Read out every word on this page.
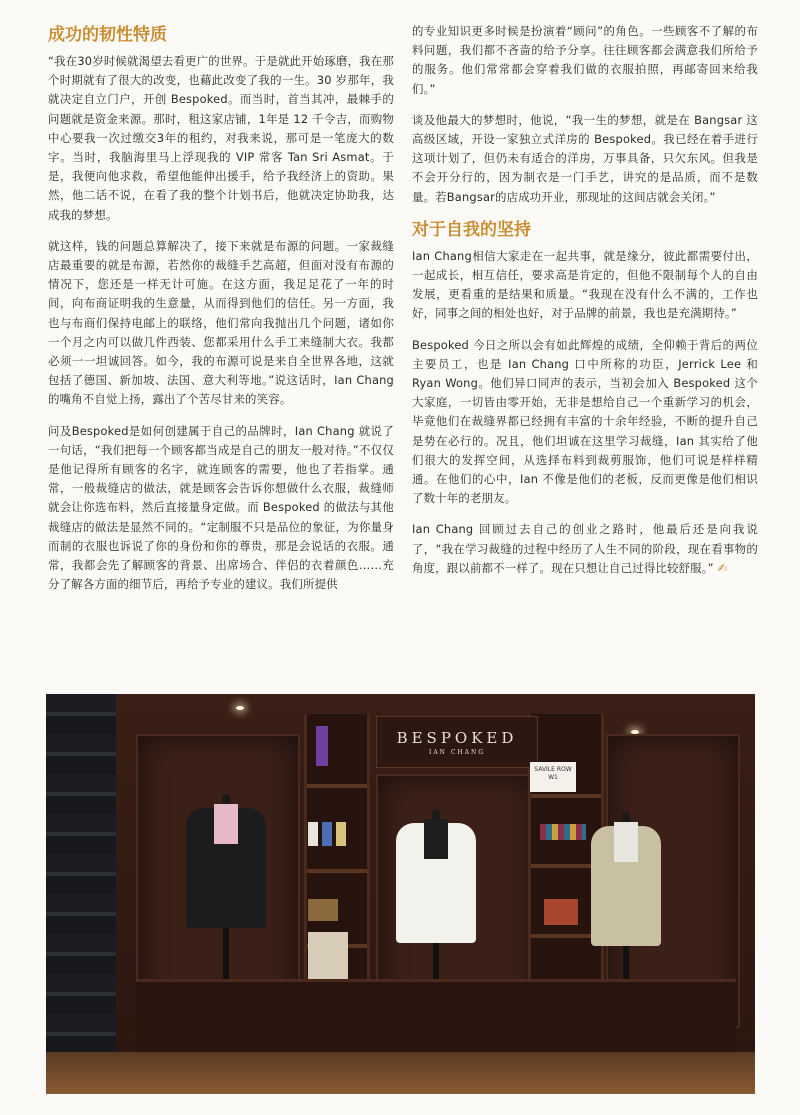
成功的韧性特质

“我在30岁时候就渴望去看更广的世界。于是就此开始琢磨，我在那个时期就有了很大的改变，也藉此改变了我的一生。30 岁那年，我就决定自立门户，开创 Bespoked。而当时，首当其冲，最棘手的问题就是资金来源。那时，租这家店铺，1年是 12 千令吉，而购物中心要我一次过缴交3年的租约，对我来说，那可是一笔庞大的数字。当时，我脑海里马上浮现我的 VIP 常客 Tan Sri Asmat。于是，我便向他求救，希望他能伸出援手，给予我经济上的资助。果然，他二话不说，在看了我的整个计划书后，他就决定协助我，达成我的梦想。

就这样，钱的问题总算解决了，接下来就是布源的问题。一家裁缝店最重要的就是布源，若然你的裁缝手艺高超，但面对没有布源的情况下，您还是一样无计可施。在这方面，我足足花了一年的时间，向布商证明我的生意量，从而得到他们的信任。另一方面，我也与布商们保持电邮上的联络，他们常向我抛出几个问题，诸如你一个月之内可以做几件西装、您都采用什么手工来缝制大衣。我都必须一一坦诚回答。如今，我的布源可说是来自全世界各地，这就包括了德国、新加坡、法国、意大利等地。”说这话时，Ian Chang 的嘴角不自觉上扬，露出了个苦尽甘来的笑容。

问及Bespoked是如何创建属于自己的品牌时，Ian Chang 就说了一句话，“我们把每一个顾客都当成是自己的朋友一般对待。”不仅仅是他记得所有顾客的名字，就连顾客的需要，他也了若指掌。通常，一般裁缝店的做法，就是顾客会告诉你想做什么衣服，裁缝师就会让你选布料，然后直接量身定做。而 Bespoked 的做法与其他裁缝店的做法是显然不同的。“定制服不只是品位的象征，为你量身而制的衣服也诉说了你的身份和你的尊贵，那是会说话的衣服。通常，我都会先了解顾客的背景、出席场合、伴侣的衣着颜色……充分了解各方面的细节后，再给予专业的建议。我们所提供

的专业知识更多时候是扮演着“顾问”的角色。一些顾客不了解的布料问题，我们都不吝啬的给予分享。往往顾客都会满意我们所给予的服务。他们常常都会穿着我们做的衣服拍照，再邮寄回来给我们。”

谈及他最大的梦想时，他说，“我一生的梦想，就是在 Bangsar 这高级区域，开设一家独立式洋房的 Bespoked。我已经在着手进行这项计划了，但仍未有适合的洋房，万事具备，只欠东风。但我是不会开分行的，因为制衣是一门手艺，讲究的是品质，而不是数量。若Bangsar的店成功开业，那现址的这间店就会关闭。”

对于自我的坚持

Ian Chang相信大家走在一起共事，就是缘分，彼此都需要付出，一起成长，相互信任，要求高是肯定的，但他不限制每个人的自由发展，更看重的是结果和质量。“我现在没有什么不满的，工作也好，同事之间的相处也好，对于品牌的前景，我也是充满期待。”

Bespoked 今日之所以会有如此辉煌的成绩，全仰赖于背后的两位主要员工，也是 Ian Chang 口中所称的功臣，Jerrick Lee 和 Ryan Wong。他们异口同声的表示，当初会加入 Bespoked 这个大家庭，一切皆由零开始，无非是想给自己一个重新学习的机会，毕竟他们在裁缝界都已经拥有丰富的十余年经验，不断的提升自己是势在必行的。况且，他们坦诚在这里学习裁缝，Ian 其实给了他们很大的发挥空间，从选择布料到裁剪服饰，他们可说是样样精通。在他们的心中，Ian 不像是他们的老板，反而更像是他们相识了数十年的老朋友。

Ian Chang 回顾过去自己的创业之路时，他最后还是向我说了，“我在学习裁缝的过程中经历了人生不同的阶段，现在看事物的角度，跟以前都不一样了。现在只想让自己过得比较舒服。” ✍

BESPOKED
IAN CHANG
SAVILE ROW W1
